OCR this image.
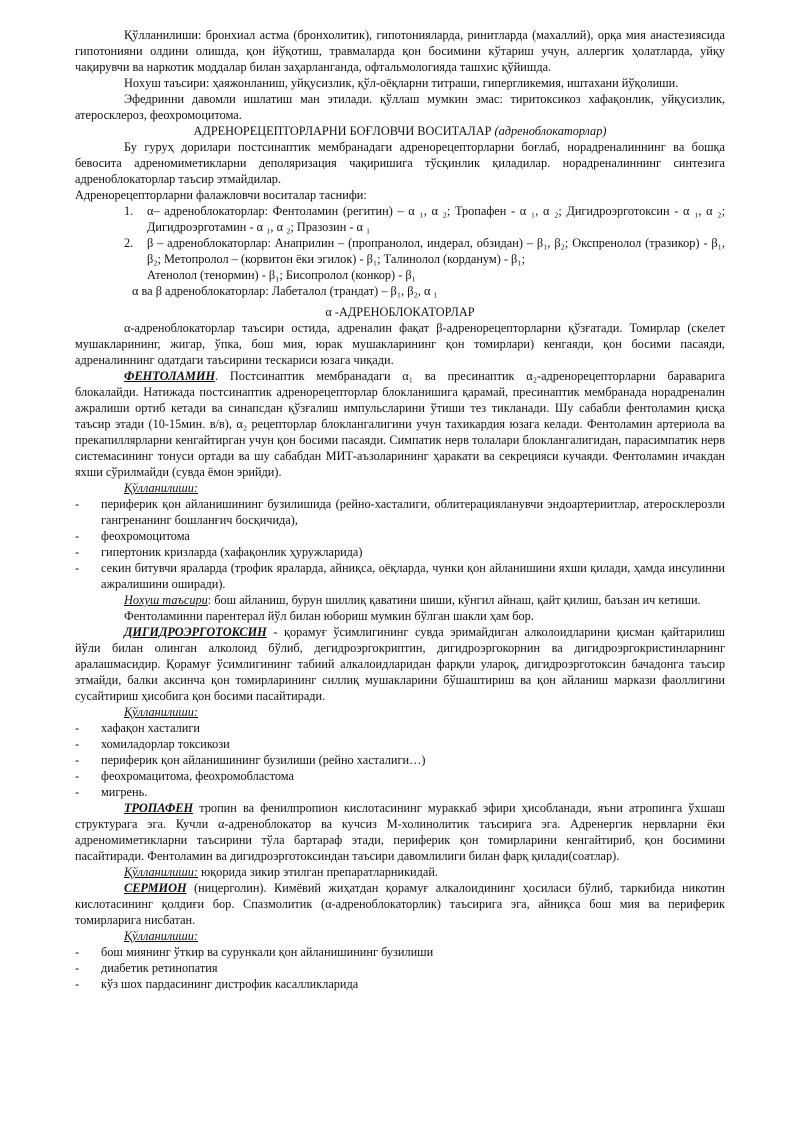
Қўлланилиши: бронхиал астма (бронхолитик), гипотонияларда, ринитларда (махаллий), орқа мия анастезиясида гипотонияни олдини олишда, қон йўқотиш, травмаларда қон босимини кўтариш учун, аллергик ҳолатларда, уйқу чақирувчи ва наркотик моддалар билан заҳарланганда, офтальмологияда ташхис қўйишда.

Ноxуш таъсири: ҳаяжонланиш, уйқусизлик, қўл-оёқларни титраши, гипергликемия, иштахани йўқолиши.

Эфедринни давомли ишлатиш ман этилади. қўллаш мумкин эмас: тиритоксикоз хафақонлик, уйқусизлик, атеросклероз, феохромоцитома.

АДРЕНОРЕЦЕПТОРЛАРНИ БОҒЛОВЧИ ВОСИТАЛАР (адреноблокаторлар)

Бу гуруҳ дорилари постсинаптик мембранадаги адренорецепторларни боғлаб, норадреналиннинг ва бошқа бевосита адреномиметикларни деполяризация чақиришига тўсқинлик қиладилар. норадреналиннинг синтезига адреноблокаторлар таъсир этмайдилар.

Адренорецепторларни фалажловчи воситалар таснифи:

1. α– адреноблокаторлар: Фентоламин (регитин) – α ₁, α ₂; Тропафен - α ₁, α ₂; Дигидроэрготоксин - α ₁, α ₂; Дигидроэрготамин - α ₁, α ₂; Празозин - α ₁
2. β – адреноблокаторлар: Анаприлин – (пропранолол, индерал, обзидан) – β₁, β₂; Окспренолол (тразикор) - β₁, β₂; Метопролол – (корвитон ёки эгилок) - β₁; Талинолол (корданум) - β₁;
Атенолол (тенормин) - β₁; Бисопролол (конкор) - β₁

α ва β адреноблокаторлар: Лабеталол (трандат) – β₁, β₂, α ₁

α -АДРЕНОБЛОКАТОРЛАР

α-адреноблокаторлар таъсири остида, адреналин фақат β-адренорецепторларни қўзғатади. Томирлар (скелет мушакларининг, жигар, ўпка, бош мия, юрак мушакларининг қон томирлари) кенгаяди, қон босими пасаяди, адреналиннинг одатдаги таъсирини тескариси юзага чиқади.

ФЕНТОЛАМИН. Постсинаптик мембранадаги α₁ ва пресинаптик α₂-адренорецепторларни бараварига блокалайди. Натижада постсинаптик адренорецепторлар блокланишига қарамай, пресинаптик мембранада норадреналин ажралиши ортиб кетади ва синапсдан қўзғалиш импульсларини ўтиши тез тикланади. Шу сабабли фентоламин қисқа таъсир этади (10-15мин. в/в), α₂ рецепторлар блоклангалигини учун тахикардия юзага келади. Фентоламин артериола ва прекапиллярларни кенгайтирган учун қон босими пасаяди. Симпатик нерв толалари блоклангалигидан, парасимпатик нерв системасининг тонуси ортади ва шу сабабдан МИТ-аъзоларининг ҳаракати ва секрецияси кучаяди. Фентоламин ичакдан яхши сўрилмайди (сувда ёмон эрийди).

Қўлланилиши:

- периферик қон айланишининг бузилишида (рейно-хасталиги, облитерацияланувчи эндоартериитлар, атеросклерозли гангренанинг бошланғич босқичида),
- феохромоцитома
- гипертоник кризларда (хафақонлик ҳуружларида)
- секин битувчи яраларда (трофик яраларда, айниқса, оёқларда, чунки қон айланишини яхши қилади, ҳамда инсулинни ажралишини оширади).

Ноxуш таъсири: бош айланиш, бурун шиллиқ қаватини шиши, кўнгил айнаш, қайт қилиш, баъзан ич кетиши.

Фентоламинни парентерал йўл билан юбориш мумкин бўлган шакли ҳам бор.

ДИГИДРОЭРГОТОКСИН - қорамуғ ўсимлигининг сувда эримайдиган алколоидларини қисман қайтарилиш йўли билан олинган алколоид бўлиб, дегидроэргокриптин, дигидроэргокорнин ва дигидроэргокристинларнинг аралашмасидир. Қорамуғ ўсимлигининг табиий алкалоидларидан фарқли улароқ, дигидроэрготоксин бачадонга таъсир этмайди, балки аксинча қон томирларининг силлиқ мушакларини бўшаштириш ва қон айланиш маркази фаоллигини сусайтириш ҳисобига қон босими пасайтиради.

Қўлланилиши:

- хафақон хасталиги
- хомиладорлар токсикози
- периферик қон айланишининг бузилиши (рейно хасталиги…)
- феохромацитома, феохромобластома
- мигрень.

ТРОПАФЕН тропин ва фенилпропион кислотасининг мураккаб эфири ҳисобланади, яъни атропинга ўхшаш структурага эга. Кучли α-адреноблокатор ва кучсиз М-холинолитик таъсирига эга. Адренергик нервларни ёки адреномиметикларни таъсирини тўла бартараф этади, периферик қон томирларини кенгайтириб, қон босимини пасайтиради. Фентоламин ва дигидроэрготоксиндан таъсири давомлилиги билан фарқ қилади(соатлар).

Қўлланилиши: юқорида зикир этилган препаратларникидай.

СЕРМИОН (ницерголин). Кимёвий жиҳатдан қорамуғ алкалоидининг ҳосиласи бўлиб, таркибида никотин кислотасининг қолдиғи бор. Спазмолитик (α-адреноблокаторлик) таъсирига эга, айниқса бош мия ва периферик томирларига нисбатан.

Қўлланилиши:

- бош миянинг ўткир ва сурункали қон айланишининг бузилиши
- диабетик ретинопатия
- кўз шох пардасининг дистрофик касалликларида
